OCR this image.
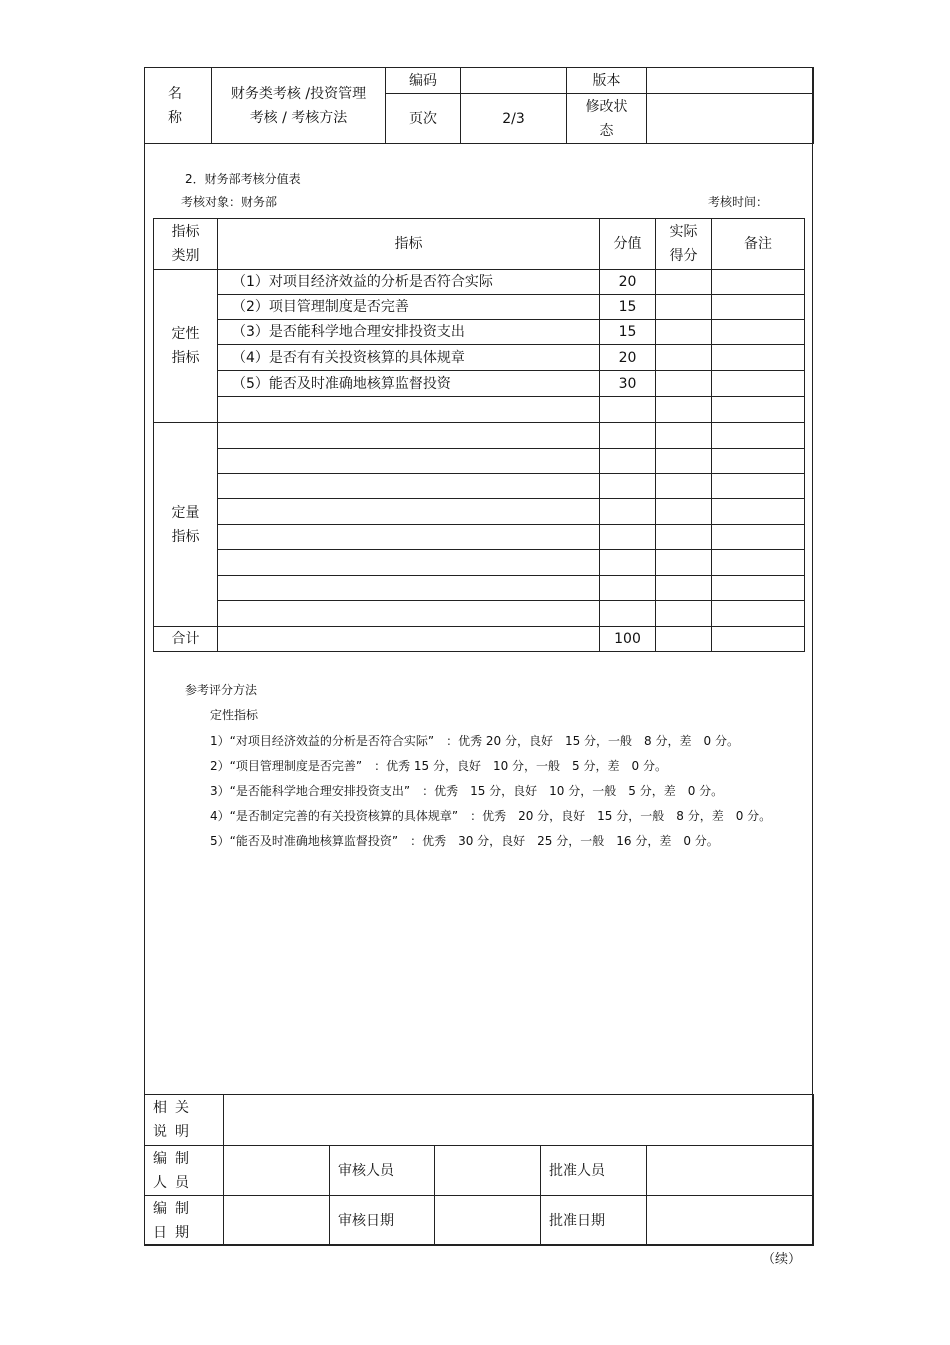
名称	财务类考核 /投资管理考核 / 考核方法	编码		版本	
		页次	2/3	修改状态	
2．财务部考核分值表
考核对象：财务部	考核时间：
指标类别	指标	分值	实际得分	备注
定性指标	（1）对项目经济效益的分析是否符合实际	20		
	（2）项目管理制度是否完善	15		
	（3）是否能科学地合理安排投资支出	15		
	（4）是否有有关投资核算的具体规章	20		
	（5）能否及时准确地核算监督投资	30		

定量指标				

合计		100		
参考评分方法
定性指标
1）“对项目经济效益的分析是否符合实际”　：优秀 20 分，良好　15 分，一般　8 分，差　0 分。
2）“项目管理制度是否完善”　：优秀 15 分，良好　10 分，一般　5 分，差　0 分。
3）“是否能科学地合理安排投资支出”　：优秀　15 分，良好　10 分，一般　5 分，差　0 分。
4）“是否制定完善的有关投资核算的具体规章”　：优秀　20 分，良好　15 分，一般　8 分，差　0 分。
5）“能否及时准确地核算监督投资”　：优秀　30 分，良好　25 分，一般　16 分，差　0 分。
相关说明					
编制人员		审核人员		批准人员	
编制日期		审核日期		批准日期	
（续）
